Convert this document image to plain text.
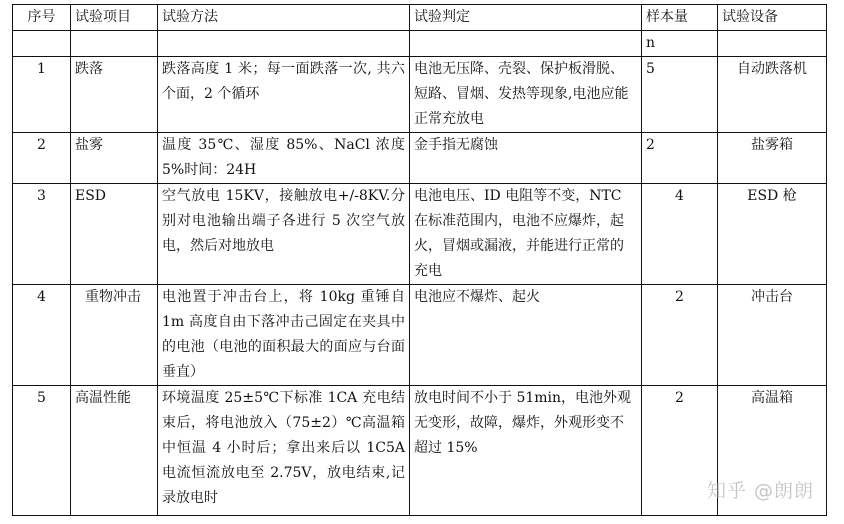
序号	试验项目	试验方法	试验判定	样本量	试验设备
				n	
1	跌落	跌落高度 1 米；每一面跌落一次, 共六个面，2 个循环	电池无压降、壳裂、保护板滑脱、短路、冒烟、发热等现象,电池应能正常充放电	5	自动跌落机
2	盐雾	温度 35℃、湿度 85%、NaCl 浓度 5%时间：24H	金手指无腐蚀	2	盐雾箱
3	ESD	空气放电 15KV，接触放电+/-8KV.分别对电池输出端子各进行 5 次空气放电，然后对地放电	电池电压、ID 电阻等不变，NTC 在标准范围内，电池不应爆炸，起火，冒烟或漏液，并能进行正常的充电	4	ESD 枪
4	重物冲击	电池置于冲击台上，将 10kg 重锤自 1m 高度自由下落冲击己固定在夹具中的电池（电池的面积最大的面应与台面垂直）	电池应不爆炸、起火	2	冲击台
5	高温性能	环境温度 25±5℃下标准 1CA 充电结束后，将电池放入（75±2）℃高温箱中恒温 4 小时后；拿出来后以 1C5A 电流恒流放电至 2.75V，放电结束,记录放电时	放电时间不小于 51min，电池外观无变形，故障，爆炸，外观形变不超过 15%	2	高温箱
知乎 @朗朗
